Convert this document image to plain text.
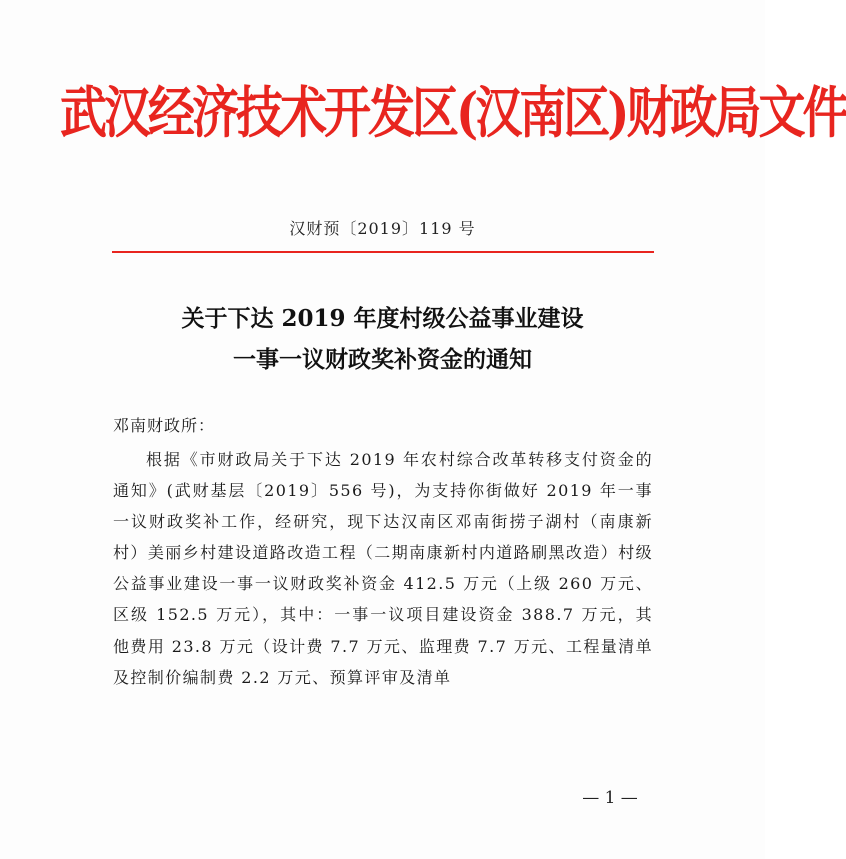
武汉经济技术开发区(汉南区)财政局文件
汉财预〔2019〕119 号
关于下达 2019 年度村级公益事业建设
一事一议财政奖补资金的通知
邓南财政所：

根据《市财政局关于下达 2019 年农村综合改革转移支付资金的通知》(武财基层〔2019〕556 号)，为支持你街做好 2019 年一事一议财政奖补工作，经研究，现下达汉南区邓南街捞子湖村（南康新村）美丽乡村建设道路改造工程（二期南康新村内道路刷黑改造）村级公益事业建设一事一议财政奖补资金 412.5 万元（上级 260 万元、区级 152.5 万元），其中：一事一议项目建设资金 388.7 万元，其他费用 23.8 万元（设计费 7.7 万元、监理费 7.7 万元、工程量清单及控制价编制费 2.2 万元、预算评审及清单

— 1 —
